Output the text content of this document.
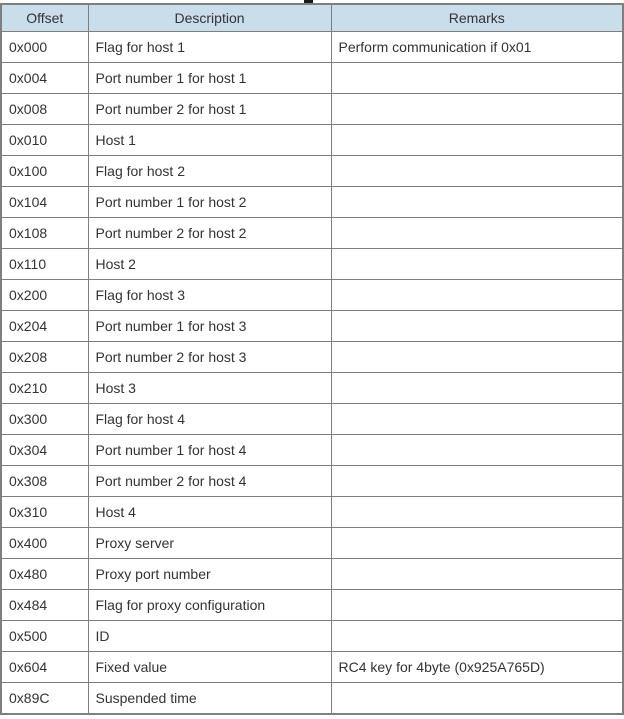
Offset	Description	Remarks
0x000	Flag for host 1	Perform communication if 0x01
0x004	Port number 1 for host 1	
0x008	Port number 2 for host 1	
0x010	Host 1	
0x100	Flag for host 2	
0x104	Port number 1 for host 2	
0x108	Port number 2 for host 2	
0x110	Host 2	
0x200	Flag for host 3	
0x204	Port number 1 for host 3	
0x208	Port number 2 for host 3	
0x210	Host 3	
0x300	Flag for host 4	
0x304	Port number 1 for host 4	
0x308	Port number 2 for host 4	
0x310	Host 4	
0x400	Proxy server	
0x480	Proxy port number	
0x484	Flag for proxy configuration	
0x500	ID	
0x604	Fixed value	RC4 key for 4byte (0x925A765D)
0x89C	Suspended time	
